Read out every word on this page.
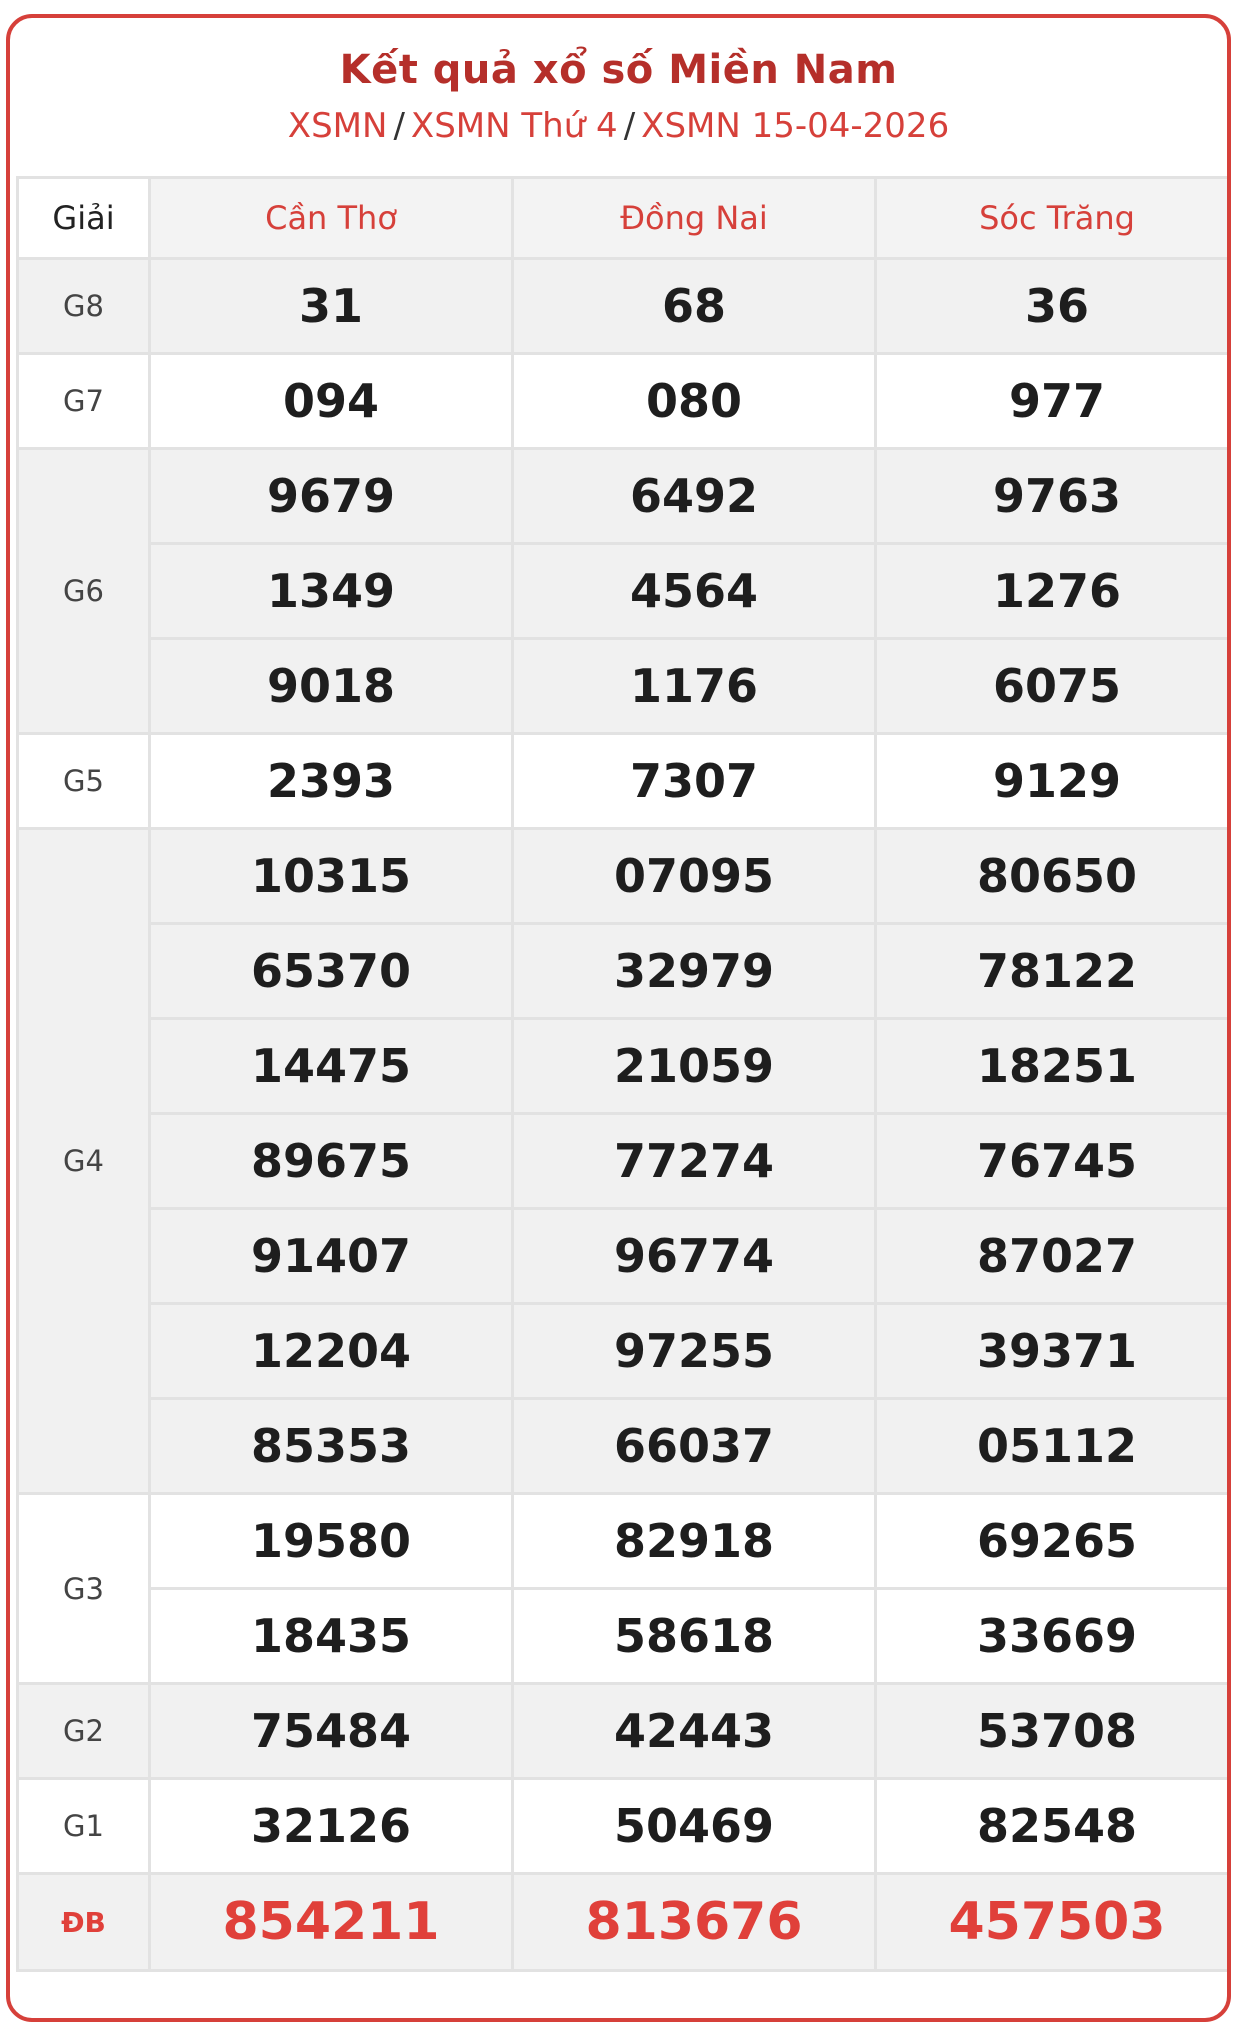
Kết quả xổ số Miền Nam
XSMN / XSMN Thứ 4 / XSMN 15-04-2026
Giải	Cần Thơ	Đồng Nai	Sóc Trăng
G8	31	68	36
G7	094	080	977
G6	9679	6492	9763
	1349	4564	1276
	9018	1176	6075
G5	2393	7307	9129
G4	10315	07095	80650
	65370	32979	78122
	14475	21059	18251
	89675	77274	76745
	91407	96774	87027
	12204	97255	39371
	85353	66037	05112
G3	19580	82918	69265
	18435	58618	33669
G2	75484	42443	53708
G1	32126	50469	82548
ĐB	854211	813676	457503
